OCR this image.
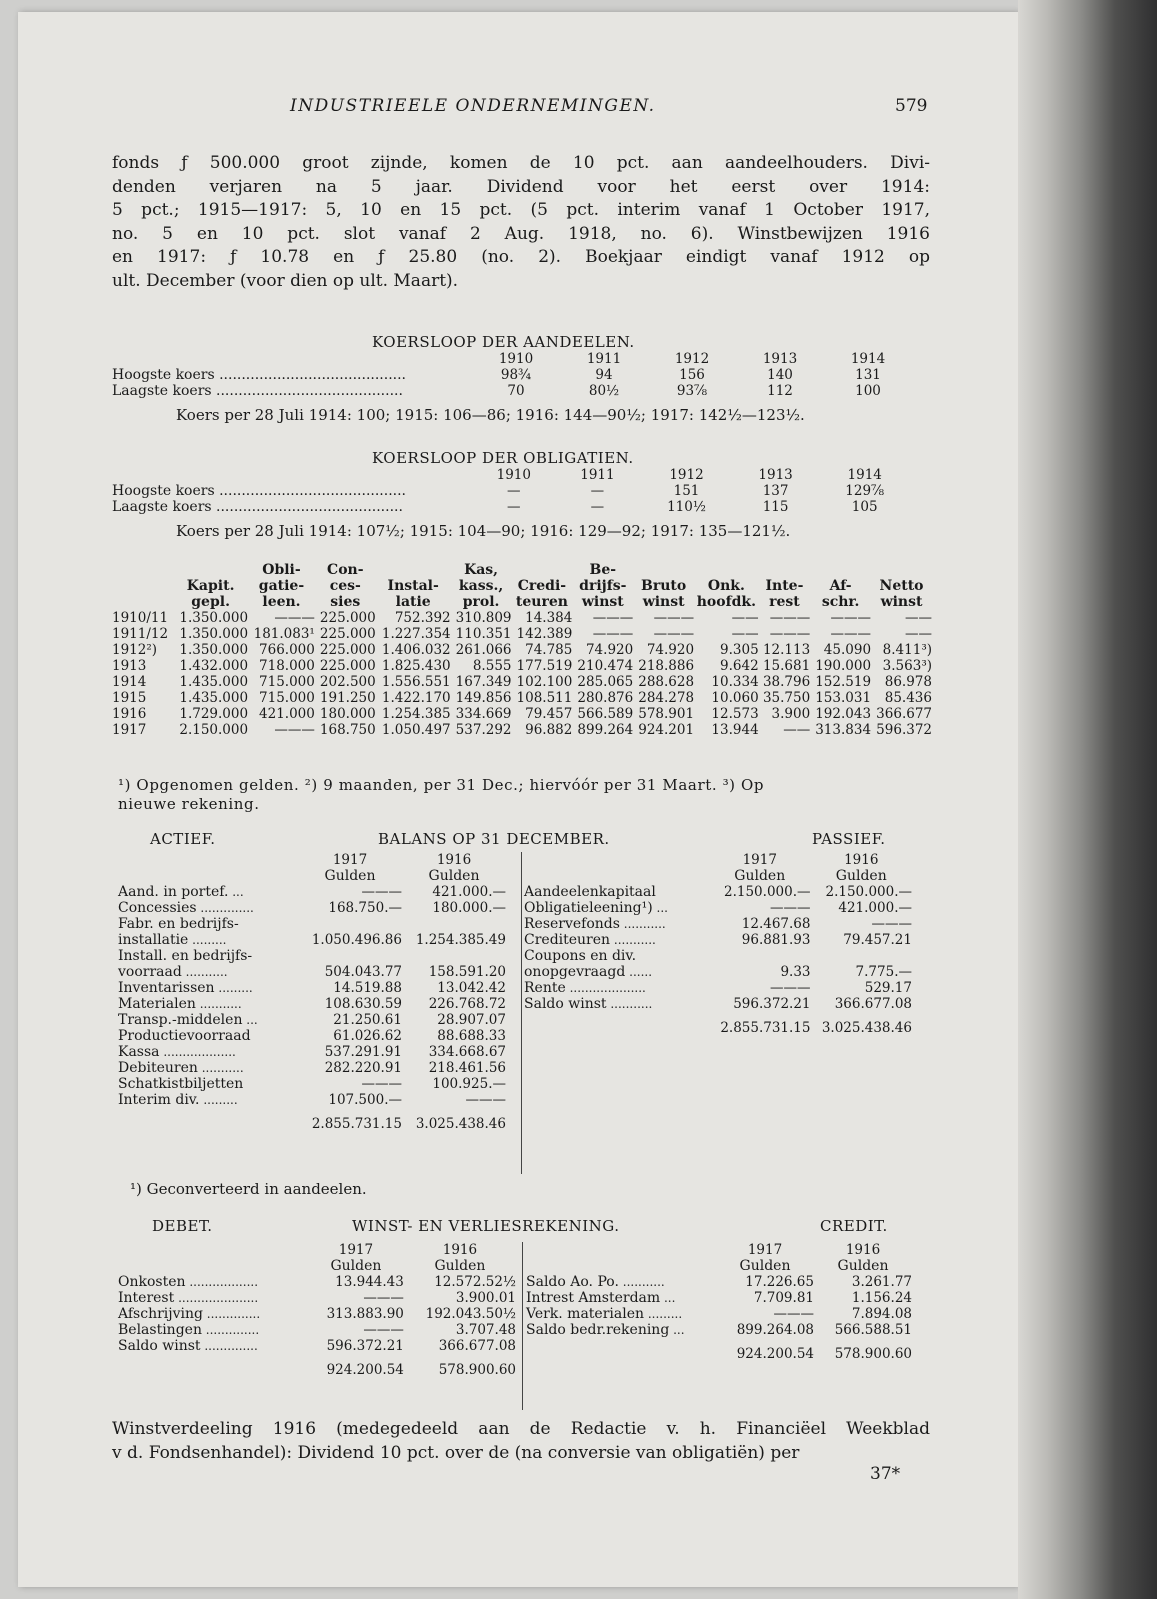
INDUSTRIEELE ONDERNEMINGEN.	579
fonds ƒ 500.000 groot zijnde, komen de 10 pct. aan aandeelhouders. Divi-
denden verjaren na 5 jaar. Dividend voor het eerst over 1914:
5 pct.; 1915—1917: 5, 10 en 15 pct. (5 pct. interim vanaf 1 October 1917,
no. 5 en 10 pct. slot vanaf 2 Aug. 1918, no. 6). Winstbewijzen 1916
en 1917: ƒ 10.78 en ƒ 25.80 (no. 2). Boekjaar eindigt vanaf 1912 op
ult. December (voor dien op ult. Maart).
KOERSLOOP DER AANDEELEN.
	1910	1911	1912	1913	1914
Hoogste koers ..........................................	98¾	94	156	140	131
Laagste koers ..........................................	70	80½	93⅞	112	100
Koers per 28 Juli 1914: 100; 1915: 106—86; 1916: 144—90½; 1917: 142½—123½.
KOERSLOOP DER OBLIGATIEN.
	1910	1911	1912	1913	1914
Hoogste koers ..........................................	—	—	151	137	129⅞
Laagste koers ..........................................	—	—	110½	115	105
Koers per 28 Juli 1914: 107½; 1915: 104—90; 1916: 129—92; 1917: 135—121½.
		Obli-	Con-		Kas,		Be-					
	Kapit.	gatie-	ces-	Instal-	kass.,	Credi-	drijfs-	Bruto	Onk.	Inte-	Af-	Netto
	gepl.	leen.	sies	latie	prol.	teuren	winst	winst	hoofdk.	rest	schr.	winst
1910/11	1.350.000	———	225.000	752.392	310.809	14.384	———	———	——	———	———	——
1911/12	1.350.000	181.083¹	225.000	1.227.354	110.351	142.389	———	———	——	———	———	——
1912²)	1.350.000	766.000	225.000	1.406.032	261.066	74.785	74.920	74.920	9.305	12.113	45.090	8.411³)
1913	1.432.000	718.000	225.000	1.825.430	8.555	177.519	210.474	218.886	9.642	15.681	190.000	3.563³)
1914	1.435.000	715.000	202.500	1.556.551	167.349	102.100	285.065	288.628	10.334	38.796	152.519	86.978
1915	1.435.000	715.000	191.250	1.422.170	149.856	108.511	280.876	284.278	10.060	35.750	153.031	85.436
1916	1.729.000	421.000	180.000	1.254.385	334.669	79.457	566.589	578.901	12.573	3.900	192.043	366.677
1917	2.150.000	———	168.750	1.050.497	537.292	96.882	899.264	924.201	13.944	——	313.834	596.372
¹) Opgenomen gelden. ²) 9 maanden, per 31 Dec.; hiervóór per 31 Maart. ³) Op
nieuwe rekening.
ACTIEF.	BALANS OP 31 DECEMBER.	PASSIEF.
	1917	1916
	Gulden	Gulden
Aand. in portef. ...	———	421.000.—
Concessies ..............	168.750.—	180.000.—
Fabr. en bedrijfs-		
installatie .........	1.050.496.86	1.254.385.49
Install. en bedrijfs-		
voorraad ...........	504.043.77	158.591.20
Inventarissen .........	14.519.88	13.042.42
Materialen ...........	108.630.59	226.768.72
Transp.-middelen ...	21.250.61	28.907.07
Productievoorraad	61.026.62	88.688.33
Kassa ...................	537.291.91	334.668.67
Debiteuren ...........	282.220.91	218.461.56
Schatkistbiljetten	———	100.925.—
Interim div. .........	107.500.—	———

	2.855.731.15	3.025.438.46
	1917	1916
	Gulden	Gulden
Aandeelenkapitaal	2.150.000.—	2.150.000.—
Obligatieleening¹) ...	———	421.000.—
Reservefonds ...........	12.467.68	———
Crediteuren ...........	96.881.93	79.457.21
Coupons en div.		
onopgevraagd ......	9.33	7.775.—
Rente ....................	———	529.17
Saldo winst ...........	596.372.21	366.677.08

	2.855.731.15	3.025.438.46
¹) Geconverteerd in aandeelen.
DEBET.	WINST- EN VERLIESREKENING.	CREDIT.
	1917	1916
	Gulden	Gulden
Onkosten ..................	13.944.43	12.572.52½
Interest .....................	———	3.900.01
Afschrijving ..............	313.883.90	192.043.50½
Belastingen ..............	———	3.707.48
Saldo winst ..............	596.372.21	366.677.08

	924.200.54	578.900.60
	1917	1916
	Gulden	Gulden
Saldo Ao. Po. ...........	17.226.65	3.261.77
Intrest Amsterdam ...	7.709.81	1.156.24
Verk. materialen .........	———	7.894.08
Saldo bedr.rekening ...	899.264.08	566.588.51

	924.200.54	578.900.60
Winstverdeeling 1916 (medegedeeld aan de Redactie v. h. Financiëel Weekblad
v d. Fondsenhandel): Dividend 10 pct. over de (na conversie van obligatiën) per
37*
